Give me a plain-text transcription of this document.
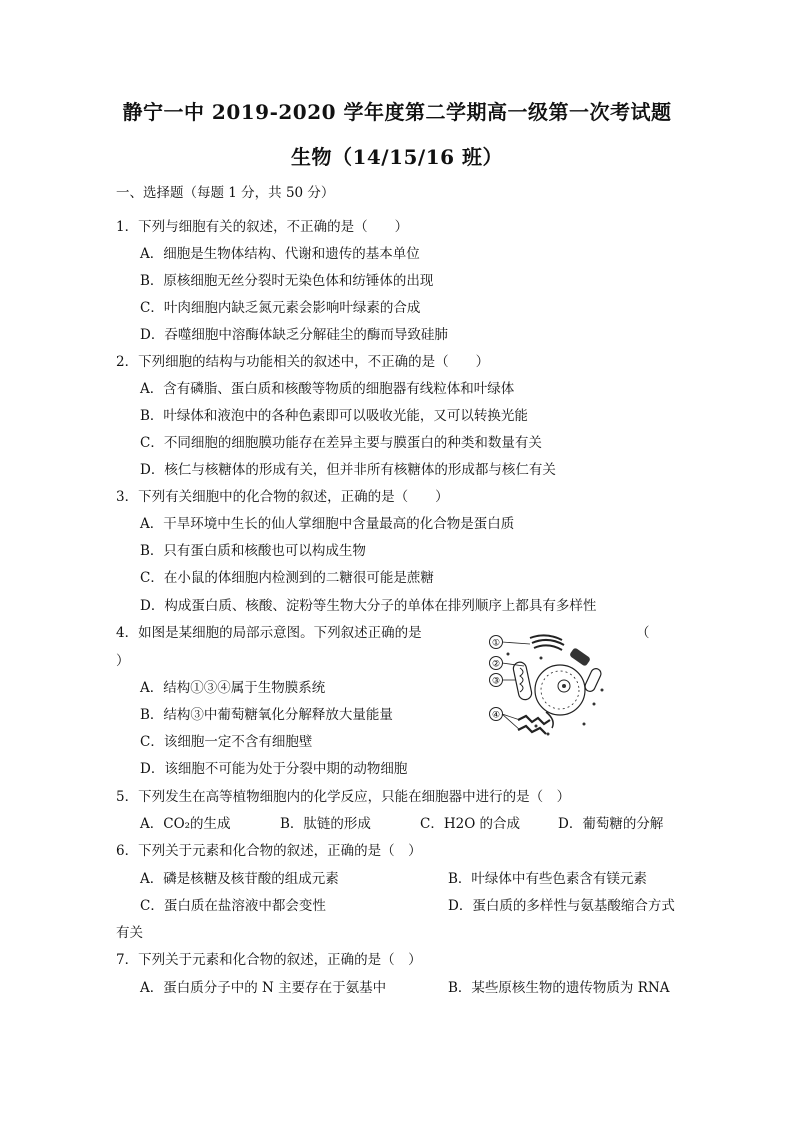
静宁一中 2019-2020 学年度第二学期高一级第一次考试题
生物（14/15/16 班）
一、选择题（每题 1 分，共 50 分）
1．下列与细胞有关的叙述，不正确的是（　　）
A．细胞是生物体结构、代谢和遗传的基本单位
B．原核细胞无丝分裂时无染色体和纺锤体的出现
C．叶肉细胞内缺乏氮元素会影响叶绿素的合成
D．吞噬细胞中溶酶体缺乏分解硅尘的酶而导致硅肺
2．下列细胞的结构与功能相关的叙述中，不正确的是（　　）
A．含有磷脂、蛋白质和核酸等物质的细胞器有线粒体和叶绿体
B．叶绿体和液泡中的各种色素即可以吸收光能，又可以转换光能
C．不同细胞的细胞膜功能存在差异主要与膜蛋白的种类和数量有关
D．核仁与核糖体的形成有关，但并非所有核糖体的形成都与核仁有关
3．下列有关细胞中的化合物的叙述，正确的是（　　）
A．干旱环境中生长的仙人掌细胞中含量最高的化合物是蛋白质
B．只有蛋白质和核酸也可以构成生物
C．在小鼠的体细胞内检测到的二糖很可能是蔗糖
D．构成蛋白质、核酸、淀粉等生物大分子的单体在排列顺序上都具有多样性
4．如图是某细胞的局部示意图。下列叙述正确的是	（
）
A．结构①③④属于生物膜系统
B．结构③中葡萄糖氧化分解释放大量能量
C．该细胞一定不含有细胞壁
D．该细胞不可能为处于分裂中期的动物细胞
①
②
③
④
5．下列发生在高等植物细胞内的化学反应，只能在细胞器中进行的是（　）
A．CO₂的生成	B．肽链的形成	C．H2O 的合成	D．葡萄糖的分解
6．下列关于元素和化合物的叙述，正确的是（　）
A．磷是核糖及核苷酸的组成元素	B．叶绿体中有些色素含有镁元素
C．蛋白质在盐溶液中都会变性	D．蛋白质的多样性与氨基酸缩合方式
有关
7．下列关于元素和化合物的叙述，正确的是（　）
A．蛋白质分子中的 N 主要存在于氨基中	B．某些原核生物的遗传物质为 RNA
